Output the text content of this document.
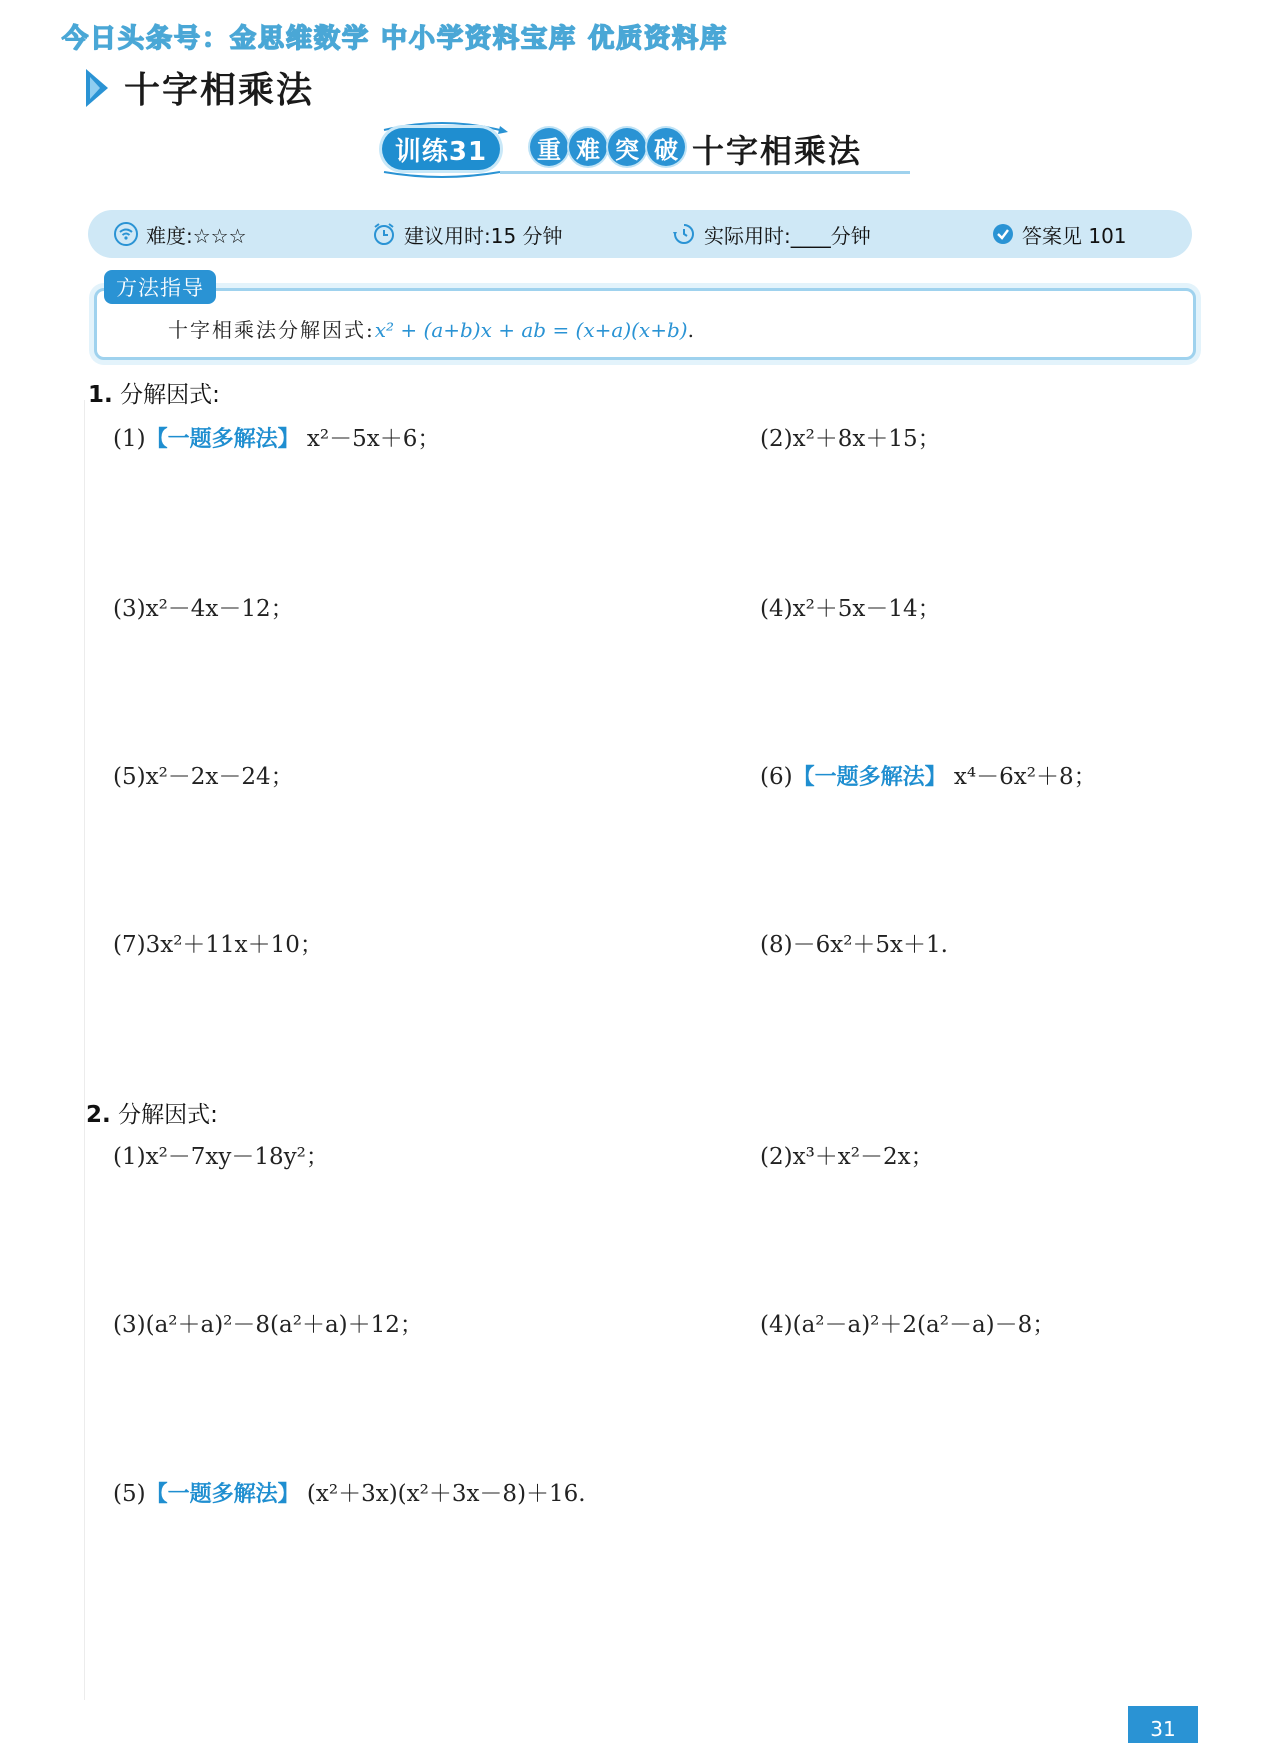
今日头条号：金思维数学 中小学资料宝库 优质资料库
十字相乘法
训练31	重 难 突 破 十字相乘法
难度:☆☆☆	建议用时:15 分钟	实际用时:____分钟	答案见 101
方法指导
十字相乘法分解因式:x² + (a+b)x + ab = (x+a)(x+b).
1. 分解因式:
(1)【一题多解法】 x²－5x＋6；	(2)x²＋8x＋15；
(3)x²－4x－12；	(4)x²＋5x－14；
(5)x²－2x－24；	(6)【一题多解法】 x⁴－6x²＋8；
(7)3x²＋11x＋10；	(8)－6x²＋5x＋1.
2. 分解因式:
(1)x²－7xy－18y²；	(2)x³＋x²－2x；
(3)(a²＋a)²－8(a²＋a)＋12；	(4)(a²－a)²＋2(a²－a)－8；
(5)【一题多解法】 (x²＋3x)(x²＋3x－8)＋16.
31
